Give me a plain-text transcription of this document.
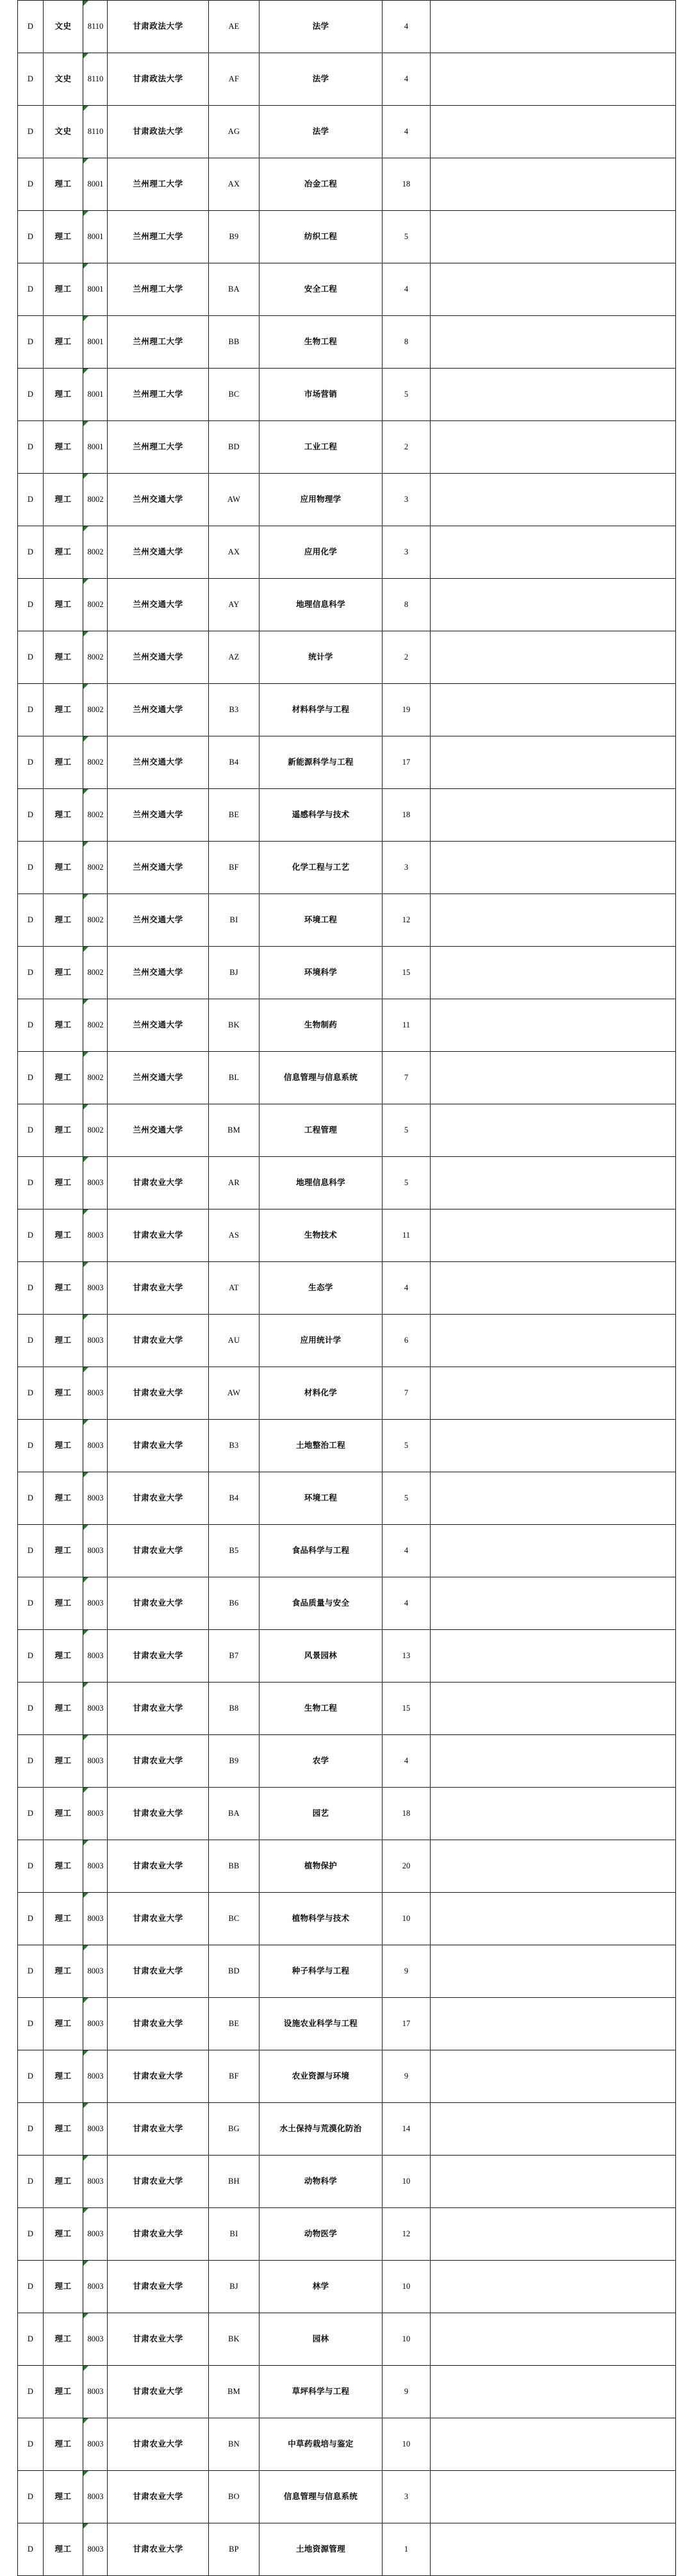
D	文史	8110	甘肃政法大学	AE	法学	4	
D	文史	8110	甘肃政法大学	AF	法学	4	
D	文史	8110	甘肃政法大学	AG	法学	4	
D	理工	8001	兰州理工大学	AX	冶金工程	18	
D	理工	8001	兰州理工大学	B9	纺织工程	5	
D	理工	8001	兰州理工大学	BA	安全工程	4	
D	理工	8001	兰州理工大学	BB	生物工程	8	
D	理工	8001	兰州理工大学	BC	市场营销	5	
D	理工	8001	兰州理工大学	BD	工业工程	2	
D	理工	8002	兰州交通大学	AW	应用物理学	3	
D	理工	8002	兰州交通大学	AX	应用化学	3	
D	理工	8002	兰州交通大学	AY	地理信息科学	8	
D	理工	8002	兰州交通大学	AZ	统计学	2	
D	理工	8002	兰州交通大学	B3	材料科学与工程	19	
D	理工	8002	兰州交通大学	B4	新能源科学与工程	17	
D	理工	8002	兰州交通大学	BE	遥感科学与技术	18	
D	理工	8002	兰州交通大学	BF	化学工程与工艺	3	
D	理工	8002	兰州交通大学	BI	环境工程	12	
D	理工	8002	兰州交通大学	BJ	环境科学	15	
D	理工	8002	兰州交通大学	BK	生物制药	11	
D	理工	8002	兰州交通大学	BL	信息管理与信息系统	7	
D	理工	8002	兰州交通大学	BM	工程管理	5	
D	理工	8003	甘肃农业大学	AR	地理信息科学	5	
D	理工	8003	甘肃农业大学	AS	生物技术	11	
D	理工	8003	甘肃农业大学	AT	生态学	4	
D	理工	8003	甘肃农业大学	AU	应用统计学	6	
D	理工	8003	甘肃农业大学	AW	材料化学	7	
D	理工	8003	甘肃农业大学	B3	土地整治工程	5	
D	理工	8003	甘肃农业大学	B4	环境工程	5	
D	理工	8003	甘肃农业大学	B5	食品科学与工程	4	
D	理工	8003	甘肃农业大学	B6	食品质量与安全	4	
D	理工	8003	甘肃农业大学	B7	风景园林	13	
D	理工	8003	甘肃农业大学	B8	生物工程	15	
D	理工	8003	甘肃农业大学	B9	农学	4	
D	理工	8003	甘肃农业大学	BA	园艺	18	
D	理工	8003	甘肃农业大学	BB	植物保护	20	
D	理工	8003	甘肃农业大学	BC	植物科学与技术	10	
D	理工	8003	甘肃农业大学	BD	种子科学与工程	9	
D	理工	8003	甘肃农业大学	BE	设施农业科学与工程	17	
D	理工	8003	甘肃农业大学	BF	农业资源与环境	9	
D	理工	8003	甘肃农业大学	BG	水土保持与荒漠化防治	14	
D	理工	8003	甘肃农业大学	BH	动物科学	10	
D	理工	8003	甘肃农业大学	BI	动物医学	12	
D	理工	8003	甘肃农业大学	BJ	林学	10	
D	理工	8003	甘肃农业大学	BK	园林	10	
D	理工	8003	甘肃农业大学	BM	草坪科学与工程	9	
D	理工	8003	甘肃农业大学	BN	中草药栽培与鉴定	10	
D	理工	8003	甘肃农业大学	BO	信息管理与信息系统	3	
D	理工	8003	甘肃农业大学	BP	土地资源管理	1	
